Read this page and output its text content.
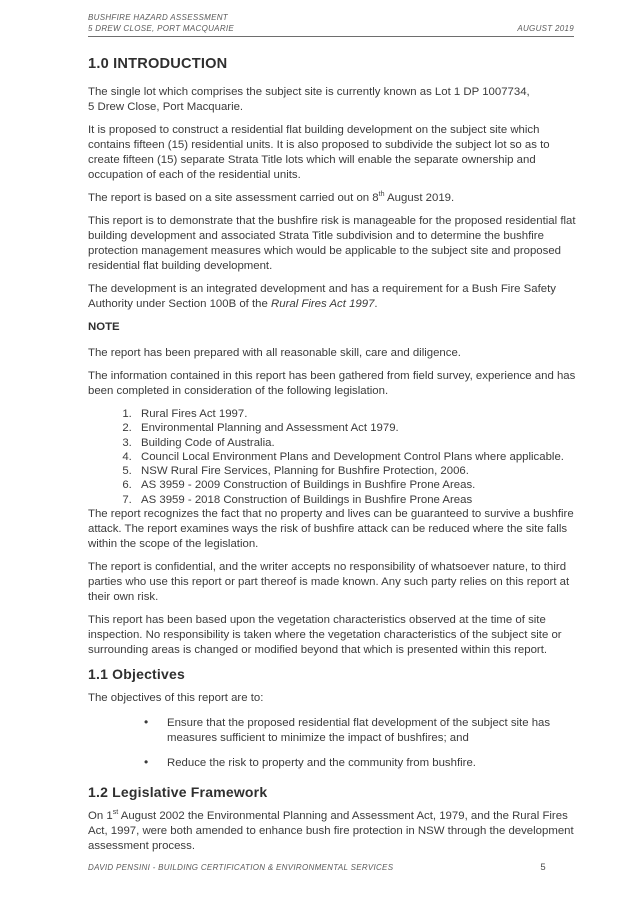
BUSHFIRE HAZARD ASSESSMENT
5 DREW CLOSE, PORT MACQUARIE	AUGUST 2019
1.0 INTRODUCTION

The single lot which comprises the subject site is currently known as Lot 1 DP 1007734,
5 Drew Close, Port Macquarie.

It is proposed to construct a residential flat building development on the subject site which contains fifteen (15) residential units. It is also proposed to subdivide the subject lot so as to create fifteen (15) separate Strata Title lots which will enable the separate ownership and occupation of each of the residential units.

The report is based on a site assessment carried out on 8th August 2019.

This report is to demonstrate that the bushfire risk is manageable for the proposed residential flat building development and associated Strata Title subdivision and to determine the bushfire protection management measures which would be applicable to the subject site and proposed residential flat building development.

The development is an integrated development and has a requirement for a Bush Fire Safety Authority under Section 100B of the Rural Fires Act 1997.

NOTE

The report has been prepared with all reasonable skill, care and diligence.

The information contained in this report has been gathered from field survey, experience and has been completed in consideration of the following legislation.

1. Rural Fires Act 1997.
2. Environmental Planning and Assessment Act 1979.
3. Building Code of Australia.
4. Council Local Environment Plans and Development Control Plans where applicable.
5. NSW Rural Fire Services, Planning for Bushfire Protection, 2006.
6. AS 3959 - 2009 Construction of Buildings in Bushfire Prone Areas.
7. AS 3959 - 2018 Construction of Buildings in Bushfire Prone Areas

The report recognizes the fact that no property and lives can be guaranteed to survive a bushfire attack. The report examines ways the risk of bushfire attack can be reduced where the site falls within the scope of the legislation.

The report is confidential, and the writer accepts no responsibility of whatsoever nature, to third parties who use this report or part thereof is made known. Any such party relies on this report at their own risk.

This report has been based upon the vegetation characteristics observed at the time of site inspection. No responsibility is taken where the vegetation characteristics of the subject site or surrounding areas is changed or modified beyond that which is presented within this report.

1.1 Objectives

The objectives of this report are to:

• Ensure that the proposed residential flat development of the subject site has measures sufficient to minimize the impact of bushfires; and
• Reduce the risk to property and the community from bushfire.
1.2 Legislative Framework

On 1st August 2002 the Environmental Planning and Assessment Act, 1979, and the Rural Fires Act, 1997, were both amended to enhance bush fire protection in NSW through the development assessment process.

DAVID PENSINI - BUILDING CERTIFICATION & ENVIRONMENTAL SERVICES	5
